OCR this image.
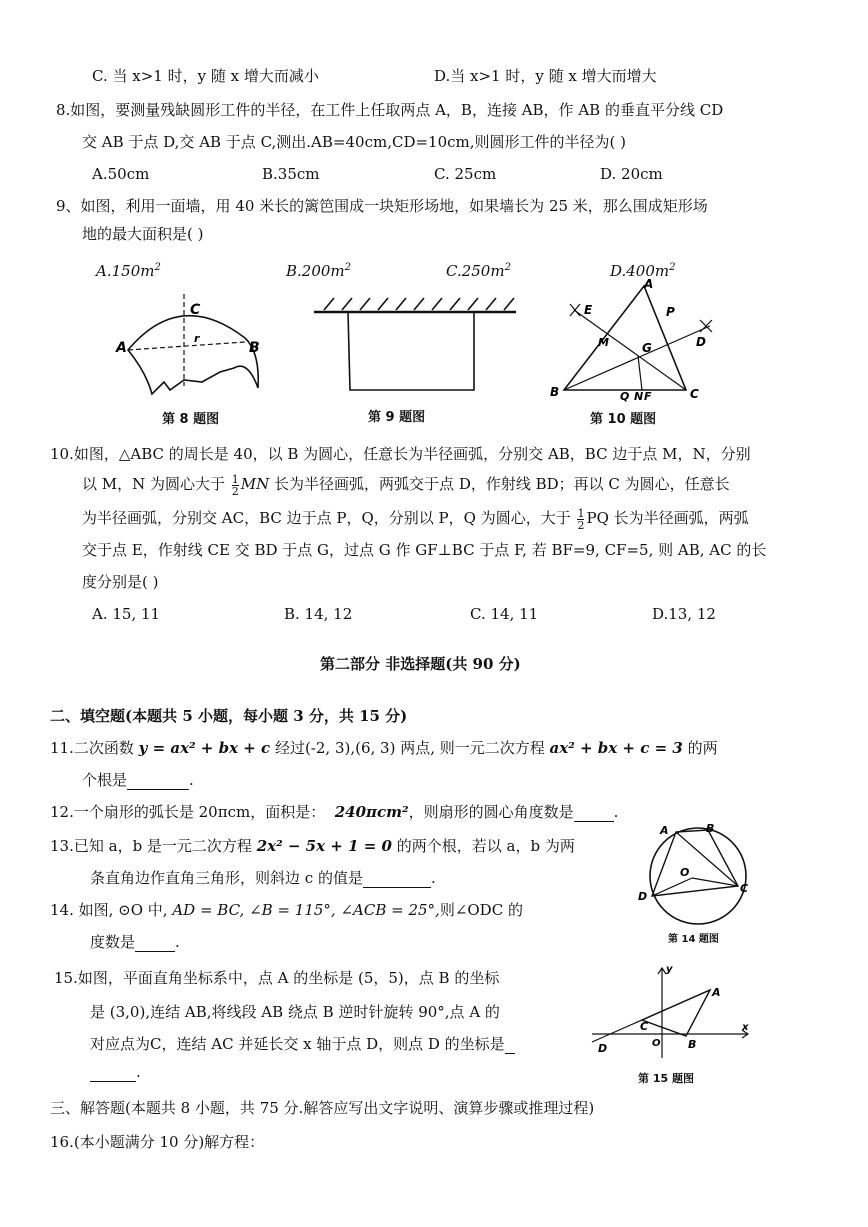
C. 当 x>1 时，y 随 x 增大而减小	D.当 x>1 时，y 随 x 增大而增大
8.如图，要测量残缺圆形工件的半径，在工件上任取两点 A，B，连接 AB，作 AB 的垂直平分线 CD
交 AB 于点 D,交 AB 于点 C,测出.AB=40cm,CD=10cm,则圆形工件的半径为( )
A.50cm	B.35cm	C. 25cm	D. 20cm
9、如图，利用一面墙，用 40 米长的篱笆围成一块矩形场地，如果墙长为 25 米，那么围成矩形场
地的最大面积是( )
$A.150m^2$	$B.200m^2$	$C.250m^2$	$D.400m^2$
C
A	B
r
第 8 题图	第 9 题图
A
E	P
M	G	D
B	Q N F	C
第 10 题图
10.如图，△ABC 的周长是 40，以 B 为圆心，任意长为半径画弧，分别交 AB，BC 边于点 M，N，分别
以 M，N 为圆心大于 $\frac{1}{2}$ MN 长为半径画弧，两弧交于点 D，作射线 BD；再以 C 为圆心，任意长
为半径画弧，分别交 AC，BC 边于点 P，Q，分别以 P，Q 为圆心，大于 $\frac{1}{2}$ PQ 长为半径画弧，两弧
交于点 E，作射线 CE 交 BD 于点 G，过点 G 作 GF⊥BC 于点 F, 若 BF=9, CF=5, 则 AB, AC 的长
度分别是( )
A. 15, 11	B. 14, 12	C. 14, 11	D.13, 12
第二部分 非选择题(共 90 分)
二、填空题(本题共 5 小题，每小题 3 分，共 15 分)
11.二次函数 y = ax² + bx + c 经过(-2, 3),(6, 3) 两点, 则一元二次方程 ax² + bx + c = 3 的两
个根是	.
12.一个扇形的弧长是 20πcm，面积是： 240πcm²，则扇形的圆心角度数是	.
13.已知 a，b 是一元二次方程 2x² − 5x + 1 = 0 的两个根，若以 a，b 为两
条直角边作直角三角形，则斜边 c 的值是	.
14. 如图, ⊙O 中, AD = BC, ∠B = 115°, ∠ACB = 25°,则∠ODC 的
度数是	.
A	B
O
D
C
第 14 题图
15.如图，平面直角坐标系中，点 A 的坐标是 (5，5)，点 B 的坐标
是 (3,0),连结 AB,将线段 AB 绕点 B 逆时针旋转 90°,点 A 的
对应点为C，连结 AC 并延长交 x 轴于点 D，则点 D 的坐标是
.
y
x
A
C
D	O B
第 15 题图
三、解答题(本题共 8 小题，共 75 分.解答应写出文字说明、演算步骤或推理过程)
16.(本小题满分 10 分)解方程：
